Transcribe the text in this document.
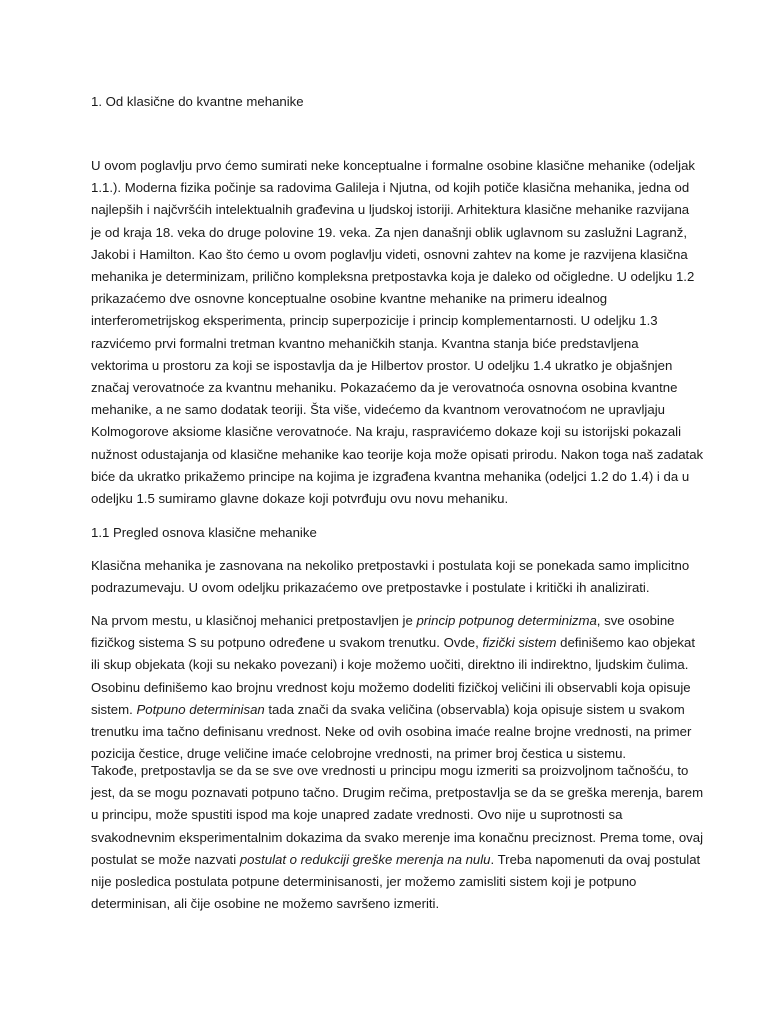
1. Od klasične do kvantne mehanike
U ovom poglavlju prvo ćemo sumirati neke konceptualne i formalne osobine klasične mehanike (odeljak
1.1.). Moderna fizika počinje sa radovima Galileja i Njutna, od kojih potiče klasična mehanika, jedna od
najlepših i najčvršćih intelektualnih građevina u ljudskoj istoriji. Arhitektura klasične mehanike razvijana
je od kraja 18. veka do druge polovine 19. veka. Za njen današnji oblik uglavnom su zaslužni Lagranž,
Jakobi i Hamilton. Kao što ćemo u ovom poglavlju videti, osnovni zahtev na kome je razvijena klasična
mehanika je determinizam, prilično kompleksna pretpostavka koja je daleko od očigledne. U odeljku 1.2
prikazaćemo dve osnovne konceptualne osobine kvantne mehanike na primeru idealnog
interferometrijskog eksperimenta, princip superpozicije i princip komplementarnosti. U odeljku 1.3
razvićemo prvi formalni tretman kvantno mehaničkih stanja. Kvantna stanja biće predstavljena
vektorima u prostoru za koji se ispostavlja da je Hilbertov prostor. U odeljku 1.4 ukratko je objašnjen
značaj verovatnoće za kvantnu mehaniku. Pokazaćemo da je verovatnoća osnovna osobina kvantne
mehanike, a ne samo dodatak teoriji. Šta više, videćemo da kvantnom verovatnoćom ne upravljaju
Kolmogorove aksiome klasične verovatnoće. Na kraju, raspravićemo dokaze koji su istorijski pokazali
nužnost odustajanja od klasične mehanike kao teorije koja može opisati prirodu. Nakon toga naš zadatak
biće da ukratko prikažemo principe na kojima je izgrađena kvantna mehanika (odeljci 1.2 do 1.4) i da u
odeljku 1.5 sumiramo glavne dokaze koji potvrđuju ovu novu mehaniku.
1.1 Pregled osnova klasične mehanike
Klasična mehanika je zasnovana na nekoliko pretpostavki i postulata koji se ponekada samo implicitno
podrazumevaju. U ovom odeljku prikazaćemo ove pretpostavke i postulate i kritički ih analizirati.
Na prvom mestu, u klasičnoj mehanici pretpostavljen je princip potpunog determinizma, sve osobine
fizičkog sistema S su potpuno određene u svakom trenutku. Ovde, fizički sistem definišemo kao objekat
ili skup objekata (koji su nekako povezani) i koje možemo uočiti, direktno ili indirektno, ljudskim čulima.
Osobinu definišemo kao brojnu vrednost koju možemo dodeliti fizičkoj veličini ili observabli koja opisuje
sistem. Potpuno determinisan tada znači da svaka veličina (observabla) koja opisuje sistem u svakom
trenutku ima tačno definisanu vrednost. Neke od ovih osobina imaće realne brojne vrednosti, na primer
pozicija čestice, druge veličine imaće celobrojne vrednosti, na primer broj čestica u sistemu.
Takođe, pretpostavlja se da se sve ove vrednosti u principu mogu izmeriti sa proizvoljnom tačnošću, to
jest, da se mogu poznavati potpuno tačno. Drugim rečima, pretpostavlja se da se greška merenja, barem
u principu, može spustiti ispod ma koje unapred zadate vrednosti. Ovo nije u suprotnosti sa
svakodnevnim eksperimentalnim dokazima da svako merenje ima konačnu preciznost. Prema tome, ovaj
postulat se može nazvati postulat o redukciji greške merenja na nulu. Treba napomenuti da ovaj postulat
nije posledica postulata potpune determinisanosti, jer možemo zamisliti sistem koji je potpuno
determinisan, ali čije osobine ne možemo savršeno izmeriti.
